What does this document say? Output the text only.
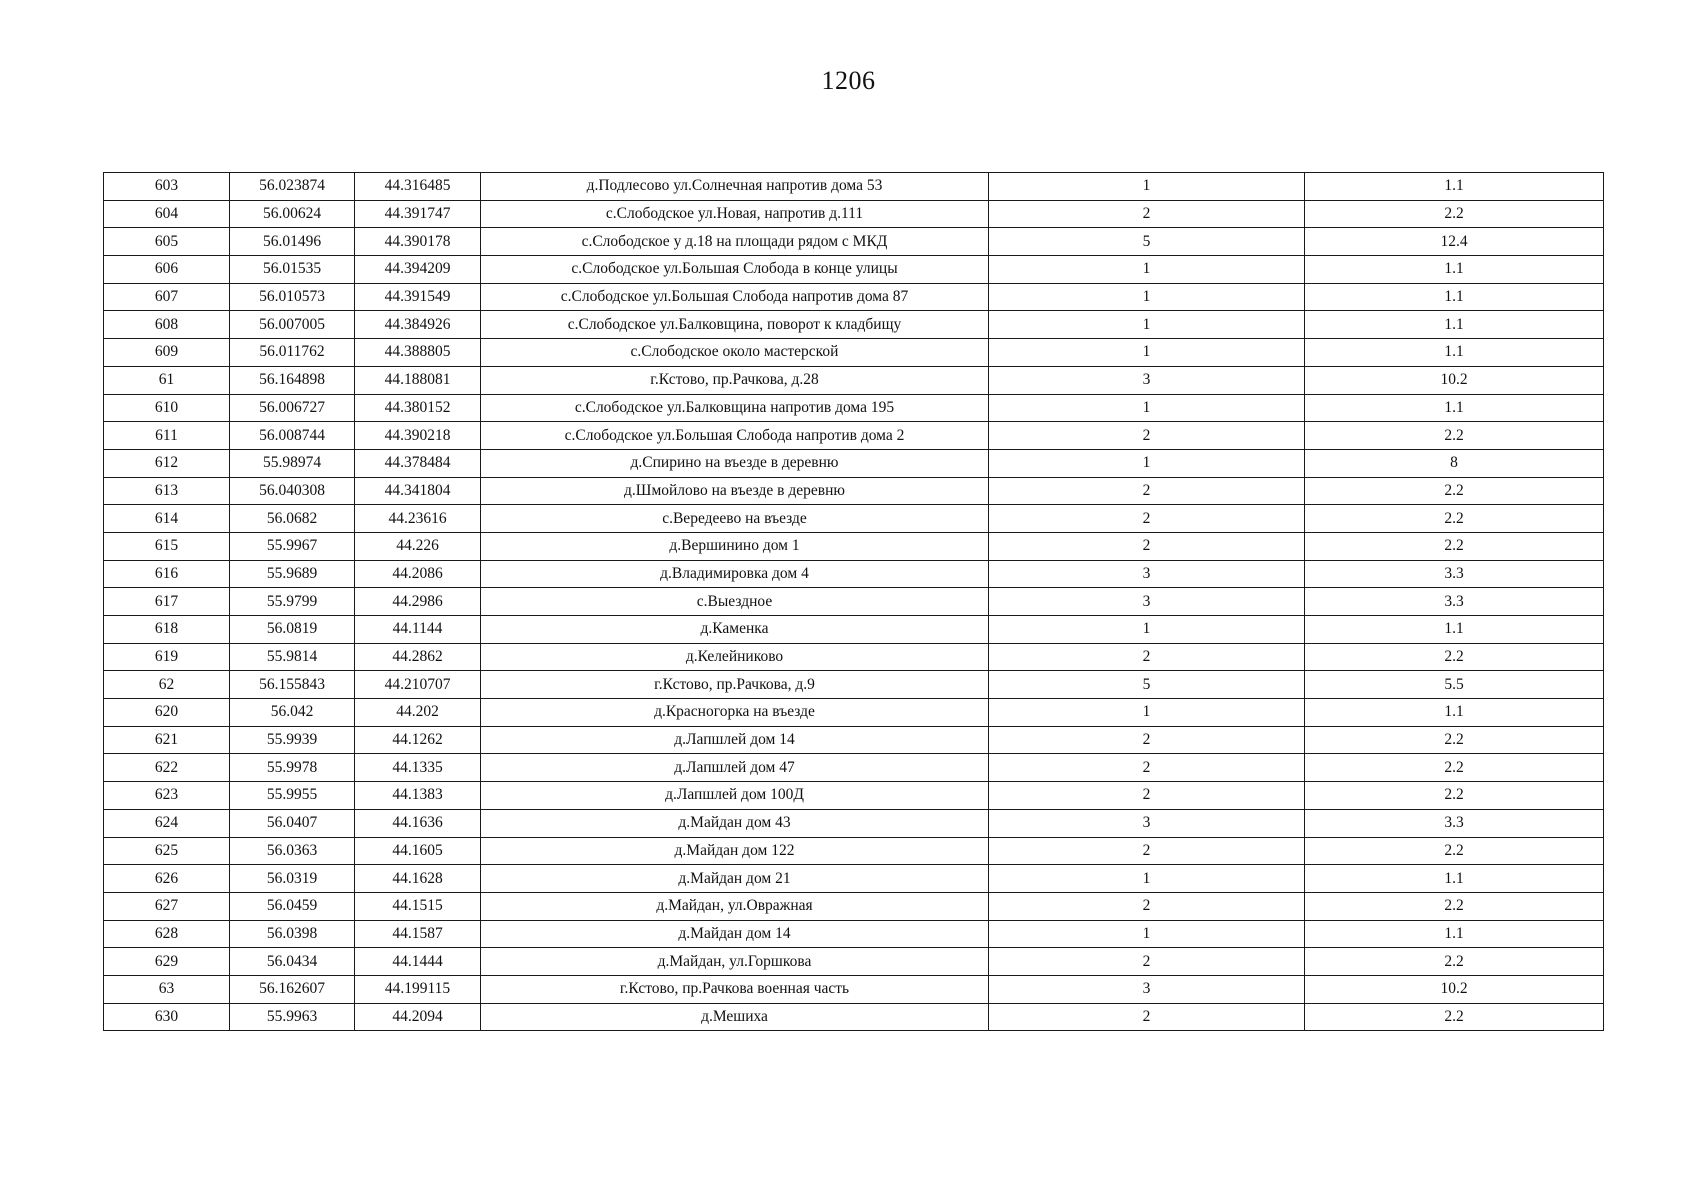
1206
603	56.023874	44.316485	д.Подлесово ул.Солнечная напротив дома 53	1	1.1
604	56.00624	44.391747	с.Слободское ул.Новая, напротив д.111	2	2.2
605	56.01496	44.390178	с.Слободское у д.18 на площади рядом с МКД	5	12.4
606	56.01535	44.394209	с.Слободское ул.Большая Слобода в конце улицы	1	1.1
607	56.010573	44.391549	с.Слободское ул.Большая Слобода напротив дома 87	1	1.1
608	56.007005	44.384926	с.Слободское ул.Балковщина, поворот к кладбищу	1	1.1
609	56.011762	44.388805	с.Слободское около мастерской	1	1.1
61	56.164898	44.188081	г.Кстово, пр.Рачкова, д.28	3	10.2
610	56.006727	44.380152	с.Слободское ул.Балковщина напротив дома 195	1	1.1
611	56.008744	44.390218	с.Слободское ул.Большая Слобода напротив дома 2	2	2.2
612	55.98974	44.378484	д.Спирино на въезде в деревню	1	8
613	56.040308	44.341804	д.Шмойлово на въезде в деревню	2	2.2
614	56.0682	44.23616	с.Вередеево на въезде	2	2.2
615	55.9967	44.226	д.Вершинино дом 1	2	2.2
616	55.9689	44.2086	д.Владимировка дом 4	3	3.3
617	55.9799	44.2986	с.Выездное	3	3.3
618	56.0819	44.1144	д.Каменка	1	1.1
619	55.9814	44.2862	д.Келейниково	2	2.2
62	56.155843	44.210707	г.Кстово, пр.Рачкова, д.9	5	5.5
620	56.042	44.202	д.Красногорка на въезде	1	1.1
621	55.9939	44.1262	д.Лапшлей дом 14	2	2.2
622	55.9978	44.1335	д.Лапшлей дом 47	2	2.2
623	55.9955	44.1383	д.Лапшлей дом 100Д	2	2.2
624	56.0407	44.1636	д.Майдан дом 43	3	3.3
625	56.0363	44.1605	д.Майдан дом 122	2	2.2
626	56.0319	44.1628	д.Майдан дом 21	1	1.1
627	56.0459	44.1515	д.Майдан, ул.Овражная	2	2.2
628	56.0398	44.1587	д.Майдан дом 14	1	1.1
629	56.0434	44.1444	д.Майдан, ул.Горшкова	2	2.2
63	56.162607	44.199115	г.Кстово, пр.Рачкова военная часть	3	10.2
630	55.9963	44.2094	д.Мешиха	2	2.2
